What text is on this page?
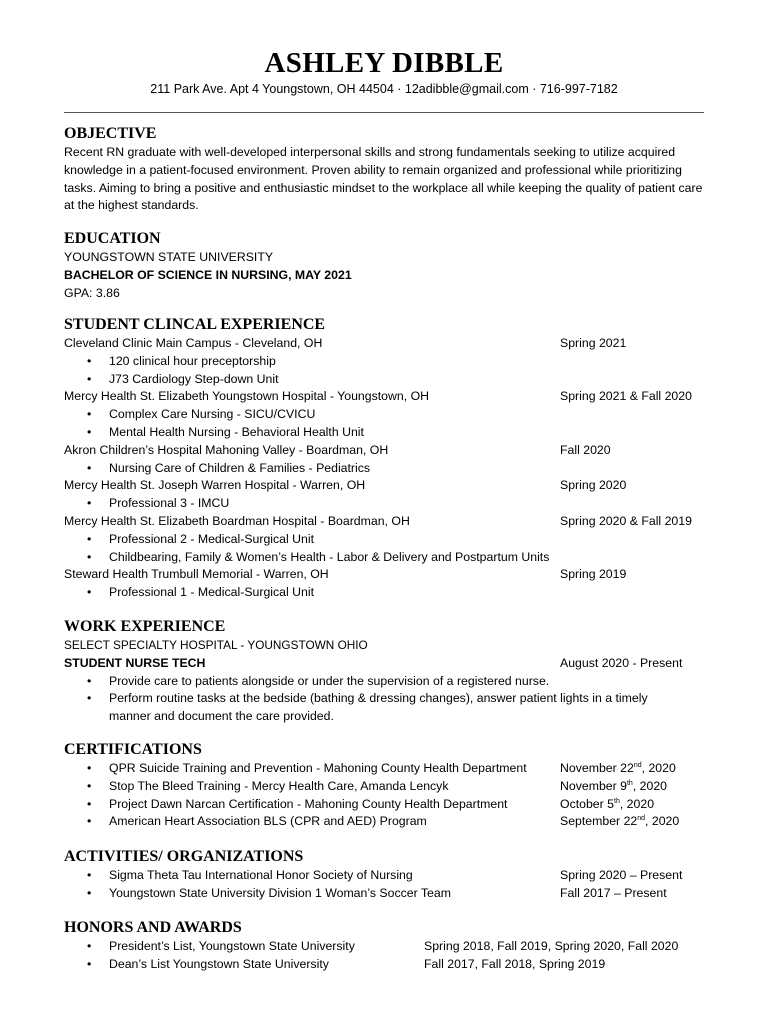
ASHLEY DIBBLE
211 Park Ave. Apt 4 Youngstown, OH 44504 · 12adibble@gmail.com · 716-997-7182
OBJECTIVE
Recent RN graduate with well-developed interpersonal skills and strong fundamentals seeking to utilize acquired knowledge in a patient-focused environment. Proven ability to remain organized and professional while prioritizing tasks. Aiming to bring a positive and enthusiastic mindset to the workplace all while keeping the quality of patient care at the highest standards.
EDUCATION
YOUNGSTOWN STATE UNIVERSITY
BACHELOR OF SCIENCE IN NURSING, MAY 2021
GPA: 3.86
STUDENT CLINCAL EXPERIENCE
Cleveland Clinic Main Campus - Cleveland, OH	Spring 2021
• 120 clinical hour preceptorship
• J73 Cardiology Step-down Unit
Mercy Health St. Elizabeth Youngstown Hospital - Youngstown, OH	Spring 2021 & Fall 2020
• Complex Care Nursing - SICU/CVICU
• Mental Health Nursing - Behavioral Health Unit
Akron Children’s Hospital Mahoning Valley - Boardman, OH	Fall 2020
• Nursing Care of Children & Families - Pediatrics
Mercy Health St. Joseph Warren Hospital - Warren, OH	Spring 2020
• Professional 3 - IMCU
Mercy Health St. Elizabeth Boardman Hospital - Boardman, OH	Spring 2020 & Fall 2019
• Professional 2 - Medical-Surgical Unit
• Childbearing, Family & Women’s Health - Labor & Delivery and Postpartum Units
Steward Health Trumbull Memorial - Warren, OH	Spring 2019
• Professional 1 - Medical-Surgical Unit
WORK EXPERIENCE
SELECT SPECIALTY HOSPITAL - YOUNGSTOWN OHIO
STUDENT NURSE TECH	August 2020 - Present
• Provide care to patients alongside or under the supervision of a registered nurse.
• Perform routine tasks at the bedside (bathing & dressing changes), answer patient lights in a timely manner and document the care provided.
CERTIFICATIONS
• QPR Suicide Training and Prevention - Mahoning County Health Department	November 22nd, 2020
• Stop The Bleed Training - Mercy Health Care, Amanda Lencyk	November 9th, 2020
• Project Dawn Narcan Certification - Mahoning County Health Department	October 5th, 2020
• American Heart Association BLS (CPR and AED) Program	September 22nd, 2020
ACTIVITIES/ ORGANIZATIONS
• Sigma Theta Tau International Honor Society of Nursing	Spring 2020 – Present
• Youngstown State University Division 1 Woman’s Soccer Team	Fall 2017 – Present
HONORS AND AWARDS
• President’s List, Youngstown State University	Spring 2018, Fall 2019, Spring 2020, Fall 2020
• Dean’s List Youngstown State University	Fall 2017, Fall 2018, Spring 2019
